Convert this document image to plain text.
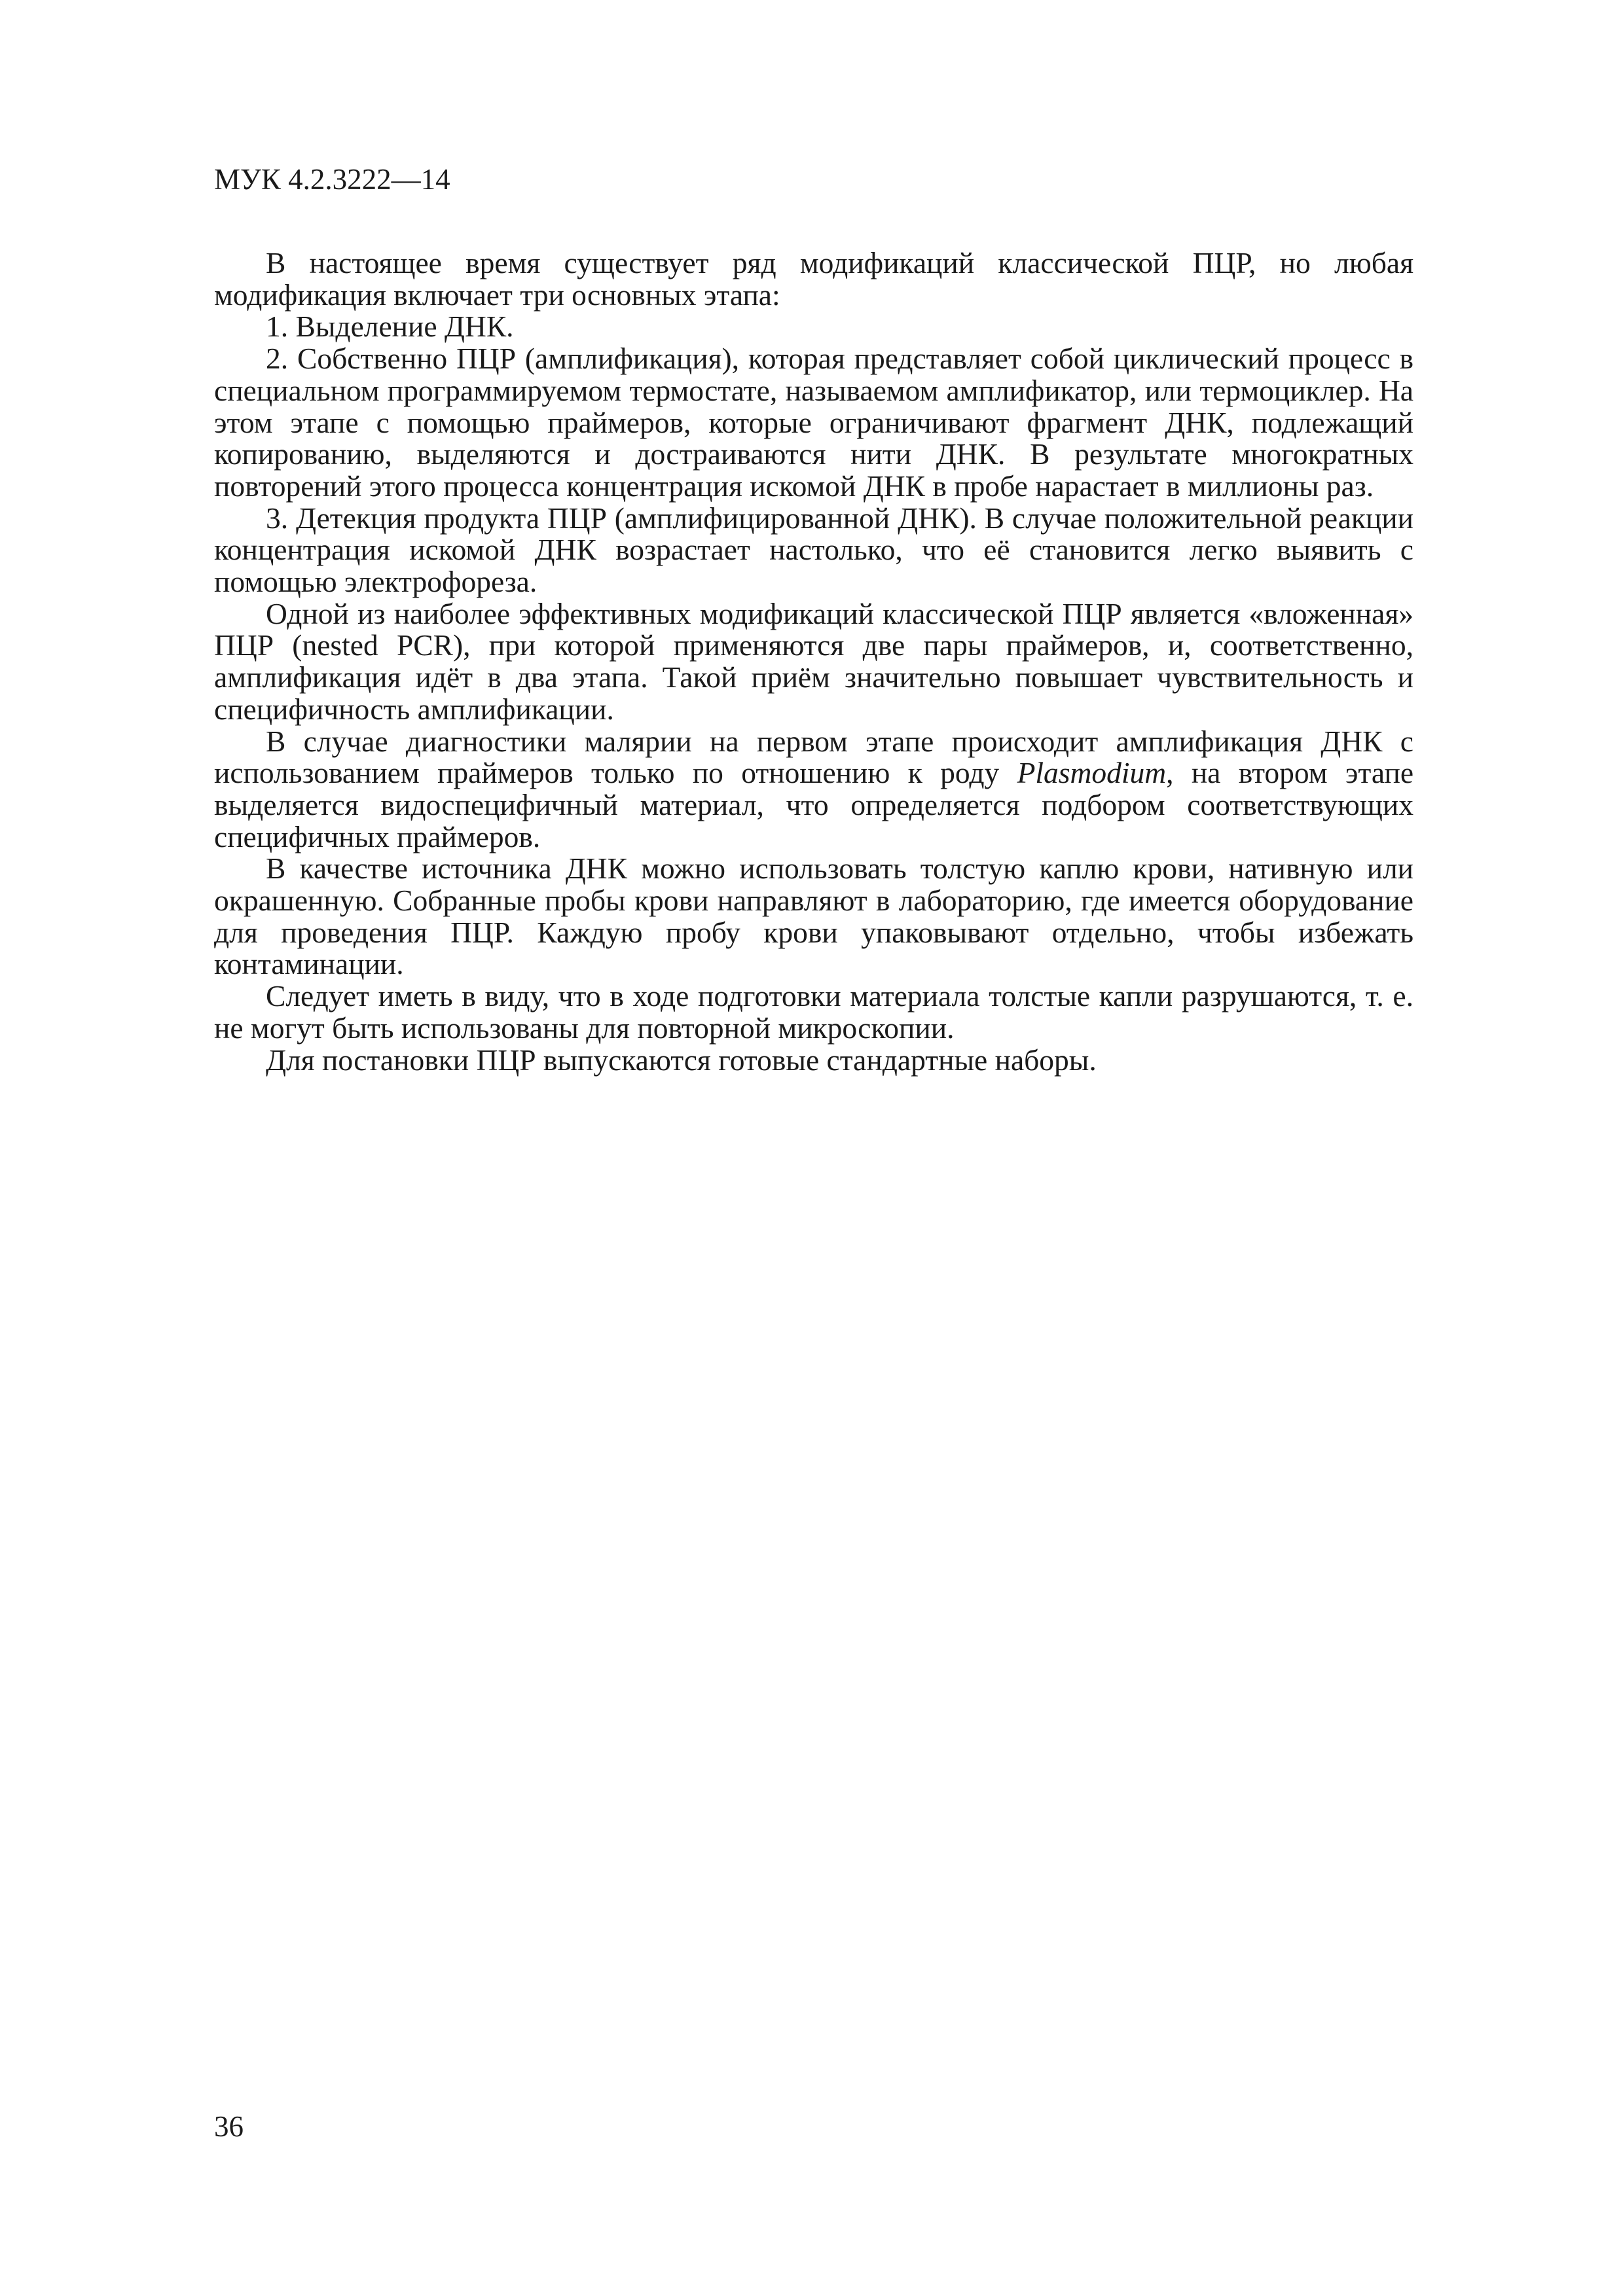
МУК 4.2.3222—14

В настоящее время существует ряд модификаций классической ПЦР, но любая модификация включает три основных этапа:

1. Выделение ДНК.

2. Собственно ПЦР (амплификация), которая представляет собой циклический процесс в специальном программируемом термостате, называемом амплификатор, или термоциклер. На этом этапе с помощью праймеров, которые ограничивают фрагмент ДНК, подлежащий копированию, выделяются и достраиваются нити ДНК. В результате многократных повторений этого процесса концентрация искомой ДНК в пробе нарастает в миллионы раз.

3. Детекция продукта ПЦР (амплифицированной ДНК). В случае положительной реакции концентрация искомой ДНК возрастает настолько, что её становится легко выявить с помощью электрофореза.

Одной из наиболее эффективных модификаций классической ПЦР является «вложенная» ПЦР (nested PCR), при которой применяются две пары праймеров, и, соответственно, амплификация идёт в два этапа. Такой приём значительно повышает чувствительность и специфичность амплификации.

В случае диагностики малярии на первом этапе происходит амплификация ДНК с использованием праймеров только по отношению к роду Plasmodium, на втором этапе выделяется видоспецифичный материал, что определяется подбором соответствующих специфичных праймеров.

В качестве источника ДНК можно использовать толстую каплю крови, нативную или окрашенную. Собранные пробы крови направляют в лабораторию, где имеется оборудование для проведения ПЦР. Каждую пробу крови упаковывают отдельно, чтобы избежать контаминации.

Следует иметь в виду, что в ходе подготовки материала толстые капли разрушаются, т. е. не могут быть использованы для повторной микроскопии.

Для постановки ПЦР выпускаются готовые стандартные наборы.

36
